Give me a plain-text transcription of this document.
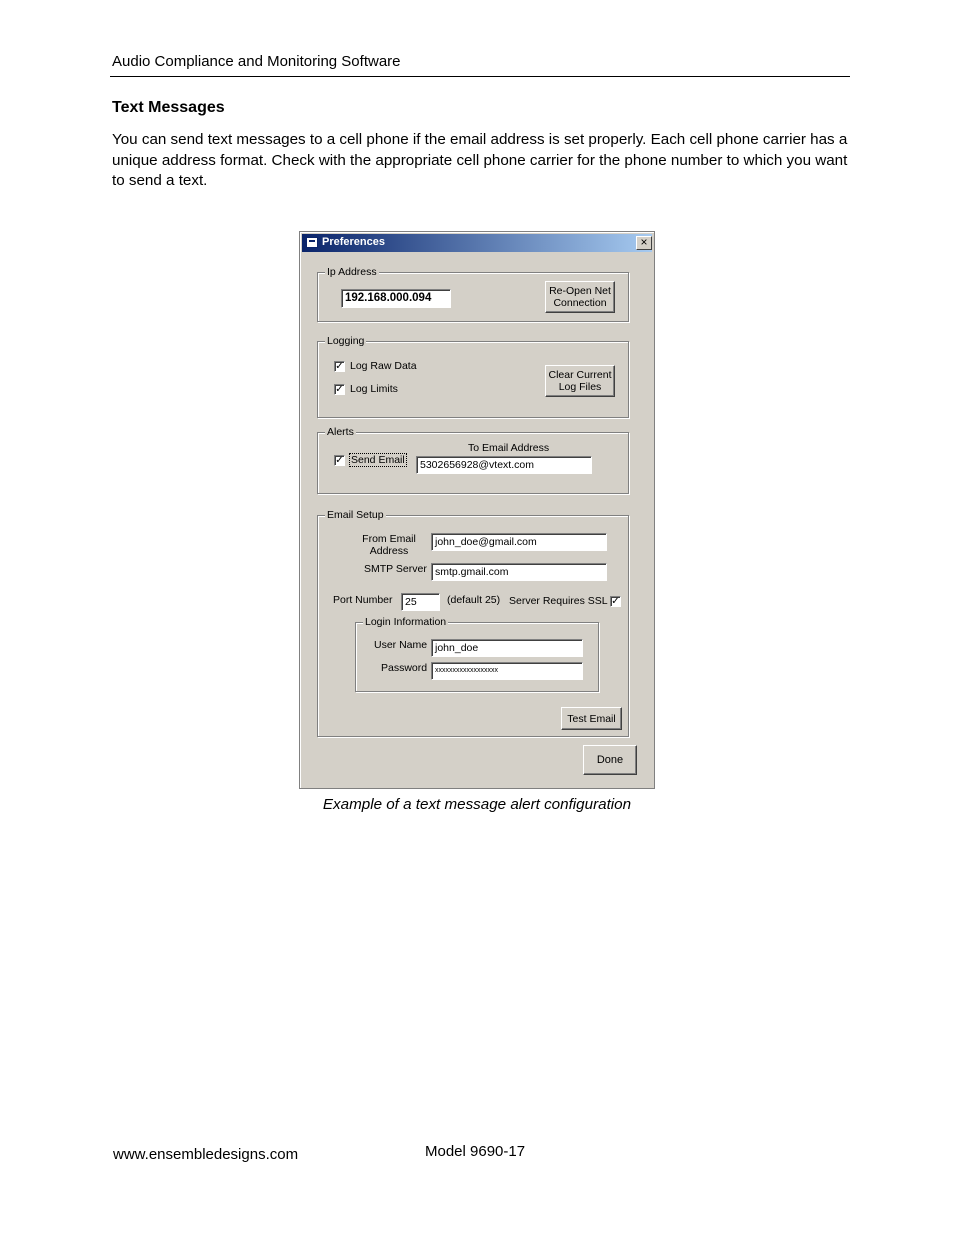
Audio Compliance and Monitoring Software
Text Messages
You can send text messages to a cell phone if the email address is set properly. Each cell phone carrier has a unique address format. Check with the appropriate cell phone carrier for the phone number to which you want to send a text.
Preferences	×
Ip Address
192.168.000.094
Re-Open Net
Connection
Logging
✓ Log Raw Data
✓ Log Limits
Clear Current
Log Files
Alerts
✓ Send Email
To Email Address
5302656928@vtext.com
Email Setup
From Email
Address
john_doe@gmail.com
SMTP Server smtp.gmail.com
Port Number	25	(default 25) Server Requires SSL ✓
Login Information
User Name john_doe
Password	xxxxxxxxxxxxxxxxxx
Test Email
Done
Example of a text message alert configuration
www.ensembledesigns.com	Model 9690-17
